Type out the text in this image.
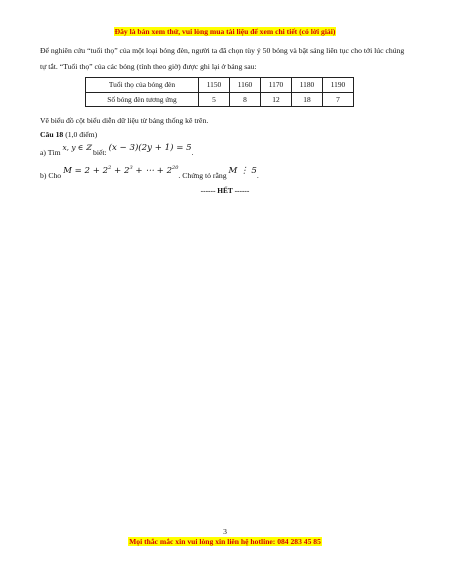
Đây là bản xem thử, vui lòng mua tài liệu để xem chi tiết (có lời giải)

Để nghiên cứu “tuổi thọ” của một loại bóng đèn, người ta đã chọn tùy ý 50 bóng và bật sáng liên tục cho tới lúc chúng tự tắt. “Tuổi thọ” của các bóng (tính theo giờ) được ghi lại ở bảng sau:

Tuổi thọ của bóng đèn	1150	1160	1170	1180	1190
Số bóng đèn tương ứng	5	8	12	18	7

Vẽ biểu đồ cột biểu diễn dữ liệu từ bảng thống kê trên.

Câu 18 (1,0 điểm)
a) Tìm x, y ∈ ℤ biết: (x − 3)(2y + 1) = 5.
b) Cho $M = 2 + 2^2 + 2^3$ + ⋯ + $2^{20}$. Chứng tỏ rằng M ⋮ 5.
------ HẾT ------
3
Mọi thắc mắc xin vui lòng xin liên hệ hotline: 084 283 45 85
